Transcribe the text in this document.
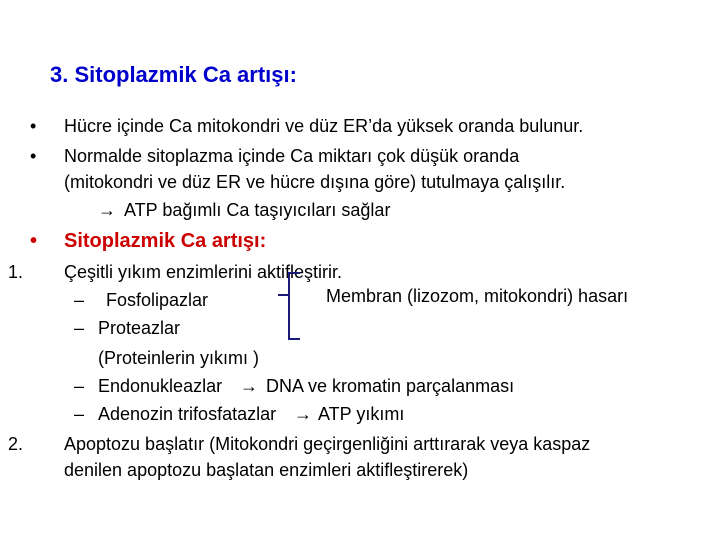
3. Sitoplazmik Ca artışı:
• Hücre içinde Ca mitokondri ve düz ER’da yüksek oranda bulunur.
• Normalde sitoplazma içinde Ca miktarı çok düşük oranda
(mitokondri ve düz ER ve hücre dışına göre) tutulmaya çalışılır.
→ ATP bağımlı Ca taşıyıcıları sağlar
• Sitoplazmik Ca artışı:
1. Çeşitli yıkım enzimlerini aktifleştirir.
– Fosfolipazlar	Membran (lizozom, mitokondri) hasarı
– Proteazlar
(Proteinlerin yıkımı )
– Endonukleazlar → DNA ve kromatin parçalanması
– Adenozin trifosfatazlar → ATP yıkımı
2. Apoptozu başlatır (Mitokondri geçirgenliğini arttırarak veya kaspaz
denilen apoptozu başlatan enzimleri aktifleştirerek)
